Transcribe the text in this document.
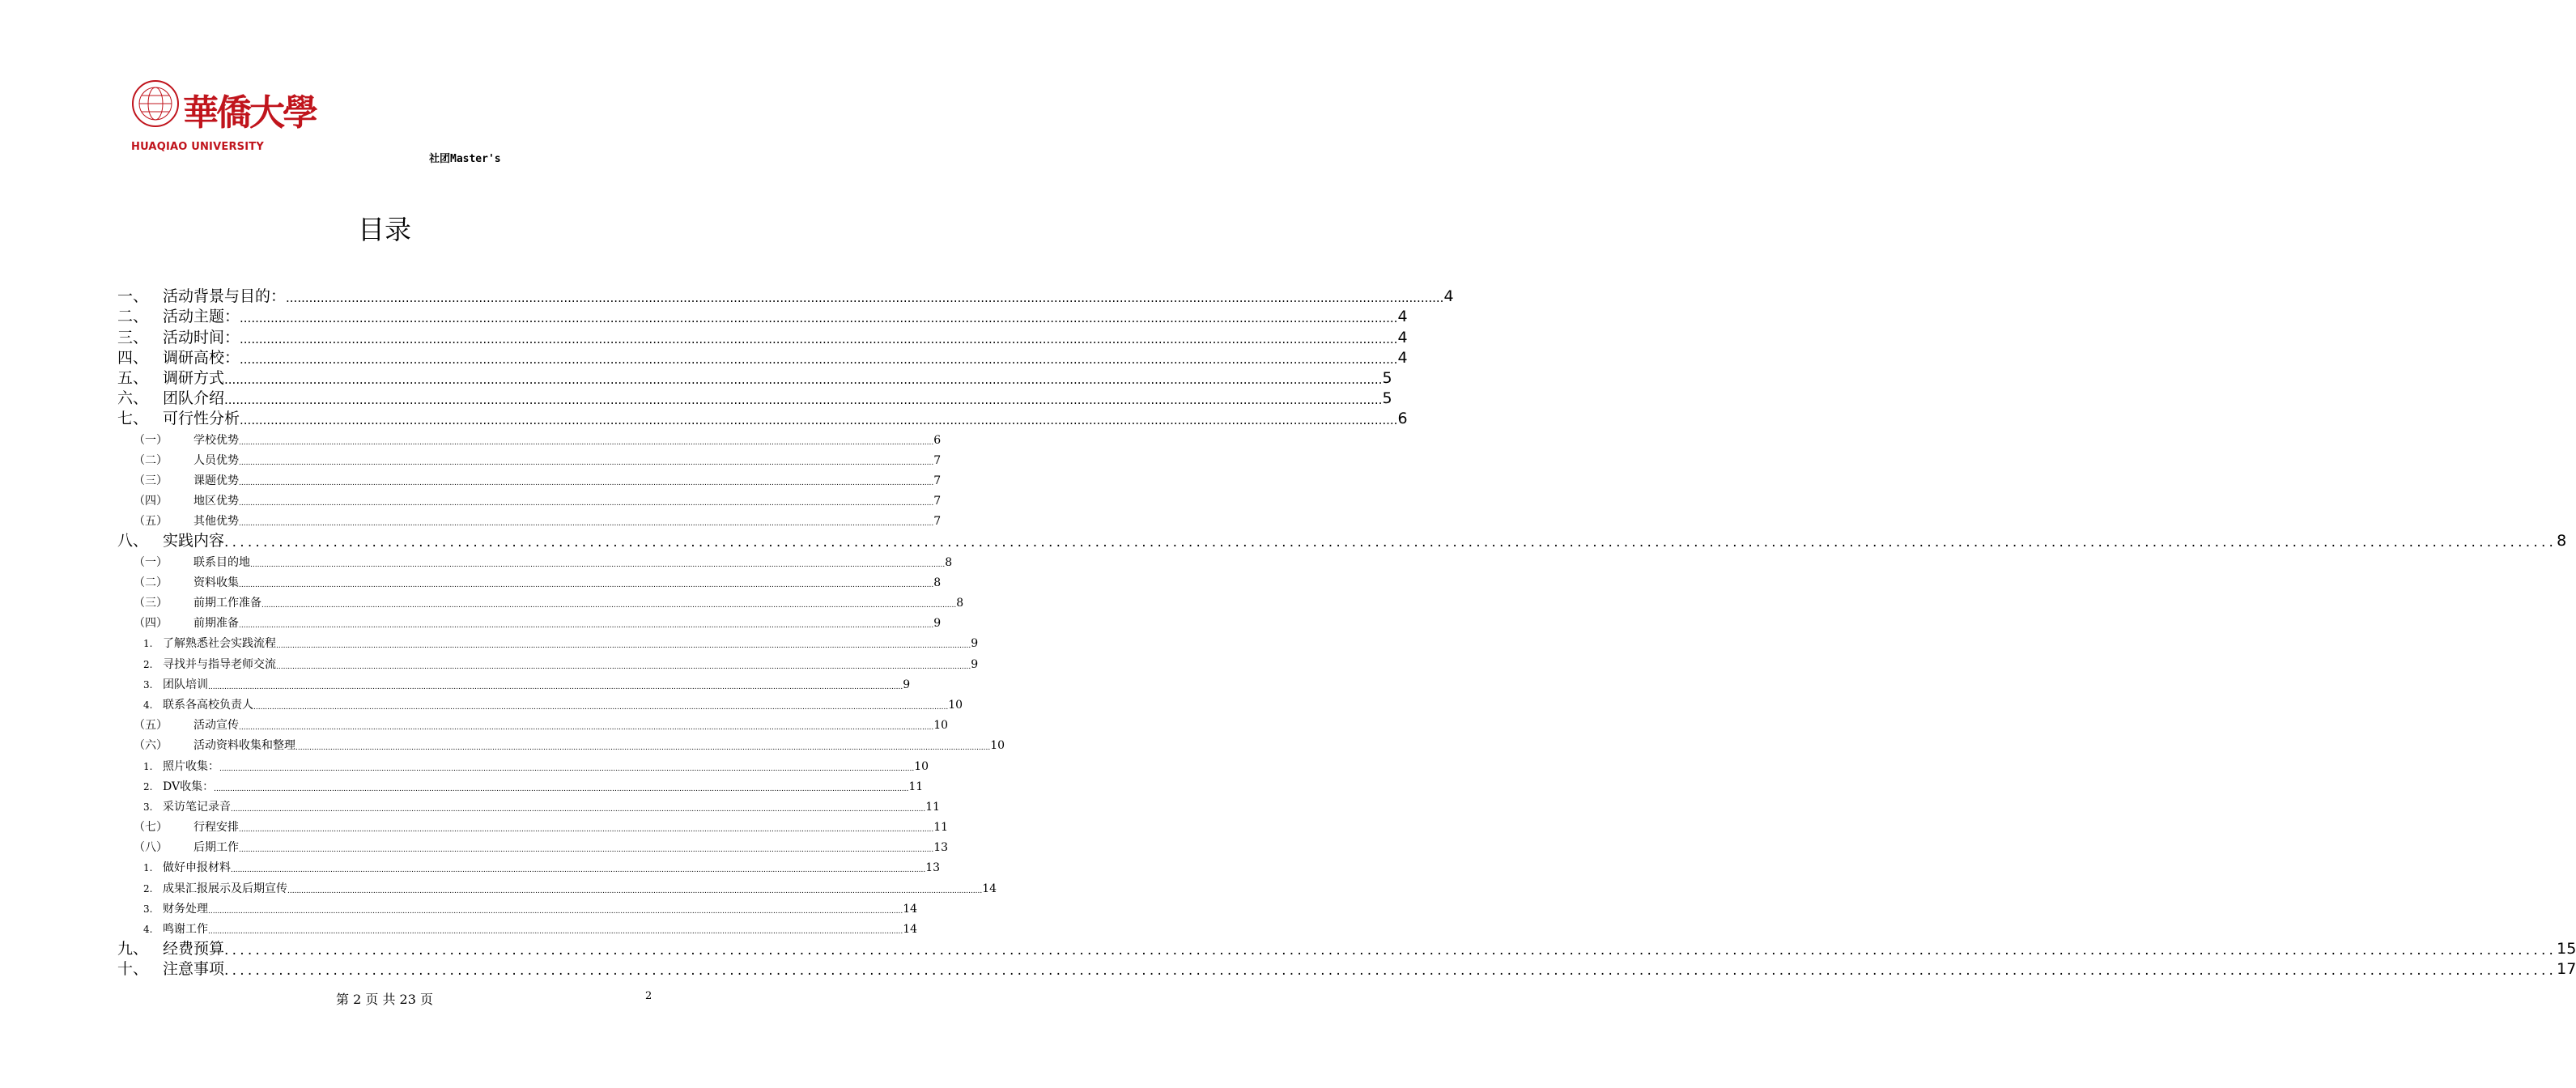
華僑大學
HUAQIAO UNIVERSITY
社团Master's
目录
一、 活动背景与目的： ............................................................................................................................................................................................................................................................................................................ 4
二、 活动主题： ............................................................................................................................................................................................................................................................................................................ 4
三、 活动时间： ............................................................................................................................................................................................................................................................................................................ 4
四、 调研高校： ............................................................................................................................................................................................................................................................................................................ 4
五、 调研方式 ............................................................................................................................................................................................................................................................................................................ 5
六、 团队介绍 ............................................................................................................................................................................................................................................................................................................ 5
七、 可行性分析 ............................................................................................................................................................................................................................................................................................................ 6
（一）	学校优势 ............................................................................................................................................................................................................................................................................................................ 6
（二）	人员优势 ............................................................................................................................................................................................................................................................................................................ 7
（三）	课题优势 ............................................................................................................................................................................................................................................................................................................ 7
（四）	地区优势 ............................................................................................................................................................................................................................................................................................................ 7
（五）	其他优势 ............................................................................................................................................................................................................................................................................................................ 7
八、 实践内容 ............................................................................................................................................................................................................................................................................................................ 8
（一）	联系目的地 ............................................................................................................................................................................................................................................................................................................ 8
（二）	资料收集 ............................................................................................................................................................................................................................................................................................................ 8
（三）	前期工作准备 ............................................................................................................................................................................................................................................................................................................ 8
（四）	前期准备 ............................................................................................................................................................................................................................................................................................................ 9
1. 了解熟悉社会实践流程 ............................................................................................................................................................................................................................................................................................................ 9
2. 寻找并与指导老师交流 ............................................................................................................................................................................................................................................................................................................ 9
3. 团队培训 ............................................................................................................................................................................................................................................................................................................ 9
4. 联系各高校负责人 ............................................................................................................................................................................................................................................................................................................ 10
（五）	活动宣传 ............................................................................................................................................................................................................................................................................................................ 10
（六）	活动资料收集和整理 ............................................................................................................................................................................................................................................................................................................ 10
1. 照片收集： ............................................................................................................................................................................................................................................................................................................ 10
2. DV收集： ............................................................................................................................................................................................................................................................................................................ 11
3. 采访笔记录音 ............................................................................................................................................................................................................................................................................................................ 11
（七）	行程安排 ............................................................................................................................................................................................................................................................................................................ 11
（八）	后期工作 ............................................................................................................................................................................................................................................................................................................ 13
1. 做好申报材料 ............................................................................................................................................................................................................................................................................................................ 13
2. 成果汇报展示及后期宣传 ............................................................................................................................................................................................................................................................................................................ 14
3. 财务处理 ............................................................................................................................................................................................................................................................................................................ 14
4. 鸣谢工作 ............................................................................................................................................................................................................................................................................................................ 14
九、 经费预算 ............................................................................................................................................................................................................................................................................................................ 15
十、 注意事项 ............................................................................................................................................................................................................................................................................................................ 17
第 2 页 共 23 页	2
